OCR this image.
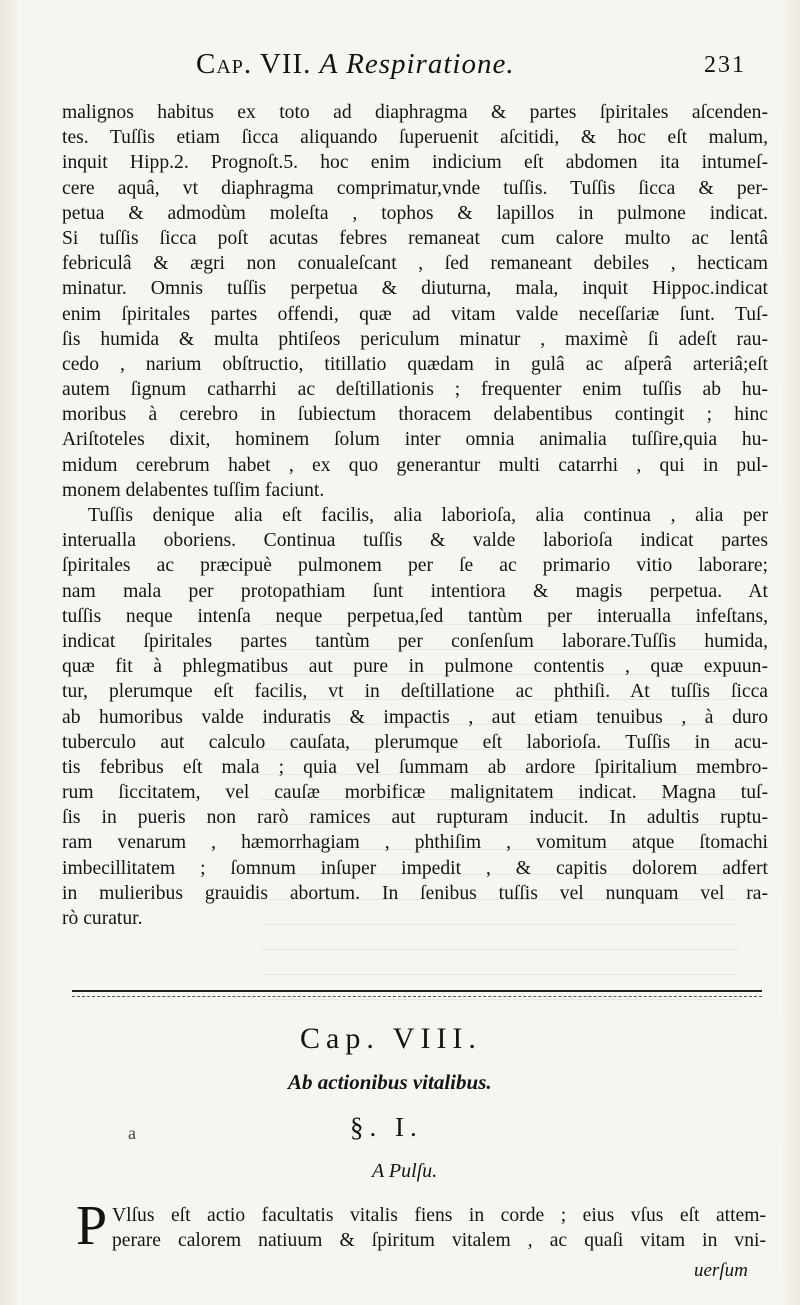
Cap. VII. A Respiratione.	231
malignos habitus ex toto ad diaphragma & partes ſpiritales aſcenden-
tes. Tuſſis etiam ſicca aliquando ſuperuenit aſcitidi, & hoc eſt malum,
inquit Hipp.2. Prognoſt.5. hoc enim indicium eſt abdomen ita intumeſ-
cere aquâ, vt diaphragma comprimatur,vnde tuſſis. Tuſſis ſicca & per-
petua & admodùm moleſta , tophos & lapillos in pulmone indicat.
Si tuſſis ſicca poſt acutas febres remaneat cum calore multo ac lentâ
febriculâ & ægri non conualeſcant , ſed remaneant debiles , hecticam
minatur. Omnis tuſſis perpetua & diuturna, mala, inquit Hippoc.indicat
enim ſpiritales partes offendi, quæ ad vitam valde neceſſariæ ſunt. Tuſ-
ſis humida & multa phtiſeos periculum minatur , maximè ſi adeſt rau-
cedo , narium obſtructio, titillatio quædam in gulâ ac aſperâ arteriâ;eſt
autem ſignum catharrhi ac deſtillationis ; frequenter enim tuſſis ab hu-
moribus à cerebro in ſubiectum thoracem delabentibus contingit ; hinc
Ariſtoteles dixit, hominem ſolum inter omnia animalia tuſſire,quia hu-
midum cerebrum habet , ex quo generantur multi catarrhi , qui in pul-
monem delabentes tuſſim faciunt.
Tuſſis denique alia eſt facilis, alia laborioſa, alia continua , alia per
interualla oboriens. Continua tuſſis & valde laborioſa indicat partes
ſpiritales ac præcipuè pulmonem per ſe ac primario vitio laborare;
nam mala per protopathiam ſunt intentiora & magis perpetua. At
tuſſis neque intenſa neque perpetua,ſed tantùm per interualla infeſtans,
indicat ſpiritales partes tantùm per conſenſum laborare.Tuſſis humida,
quæ fit à phlegmatibus aut pure in pulmone contentis , quæ expuun-
tur, plerumque eſt facilis, vt in deſtillatione ac phthiſi. At tuſſis ſicca
ab humoribus valde induratis & impactis , aut etiam tenuibus , à duro
tuberculo aut calculo cauſata, plerumque eſt laborioſa. Tuſſis in acu-
tis febribus eſt mala ; quia vel ſummam ab ardore ſpiritalium membro-
rum ſiccitatem, vel cauſæ morbificæ malignitatem indicat. Magna tuſ-
ſis in pueris non rarò ramices aut rupturam inducit. In adultis ruptu-
ram venarum , hæmorrhagiam , phthiſim , vomitum atque ſtomachi
imbecillitatem ; ſomnum inſuper impedit , & capitis dolorem adfert
in mulieribus grauidis abortum. In ſenibus tuſſis vel nunquam vel ra-
rò curatur.
Cap. VIII.
Ab actionibus vitalibus.
a	§. I.
A Pulſu.
P Vlſus eſt actio facultatis vitalis fiens in corde ; eius vſus eſt attem-
perare calorem natiuum & ſpiritum vitalem , ac quaſi vitam in vni-
uerſum
